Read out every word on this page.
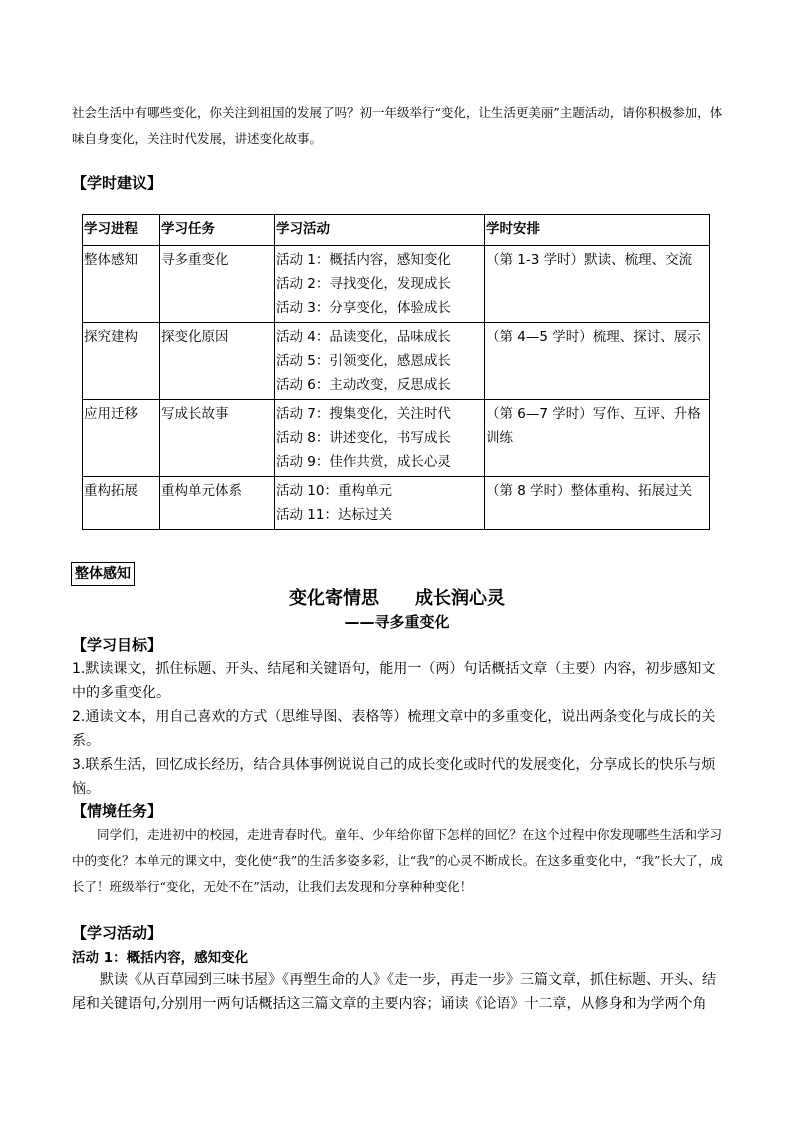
社会生活中有哪些变化，你关注到祖国的发展了吗？初一年级举行“变化，让生活更美丽”主题活动，请你积极参加，体味自身变化，关注时代发展，讲述变化故事。

【学时建议】
学习进程	学习任务	学习活动	学时安排
整体感知	寻多重变化	活动 1：概括内容，感知变化
活动 2：寻找变化，发现成长
活动 3：分享变化，体验成长	（第 1-3 学时）默读、梳理、交流
探究建构	探变化原因	活动 4：品读变化，品味成长
活动 5：引领变化，感恩成长
活动 6：主动改变，反思成长	（第 4—5 学时）梳理、探讨、展示
应用迁移	写成长故事	活动 7：搜集变化，关注时代
活动 8：讲述变化，书写成长
活动 9：佳作共赏，成长心灵	（第 6—7 学时）写作、互评、升格训练
重构拓展	重构单元体系	活动 10：重构单元
活动 11：达标过关	（第 8 学时）整体重构、拓展过关
整体感知
变化寄情思　　成长润心灵
——寻多重变化
【学习目标】

1.默读课文，抓住标题、开头、结尾和关键语句，能用一（两）句话概括文章（主要）内容，初步感知文中的多重变化。

2.通读文本，用自己喜欢的方式（思维导图、表格等）梳理文章中的多重变化，说出两条变化与成长的关系。

3.联系生活，回忆成长经历，结合具体事例说说自己的成长变化或时代的发展变化，分享成长的快乐与烦恼。

【情境任务】

同学们，走进初中的校园，走进青春时代。童年、少年给你留下怎样的回忆？在这个过程中你发现哪些生活和学习中的变化？本单元的课文中，变化使“我”的生活多姿多彩，让“我”的心灵不断成长。在这多重变化中，“我”长大了，成长了！班级举行“变化，无处不在”活动，让我们去发现和分享种种变化！

【学习活动】
活动 1：概括内容，感知变化

默读《从百草园到三味书屋》《再塑生命的人》《走一步，再走一步》三篇文章，抓住标题、开头、结尾和关键语句,分别用一两句话概括这三篇文章的主要内容；诵读《论语》十二章，从修身和为学两个角
